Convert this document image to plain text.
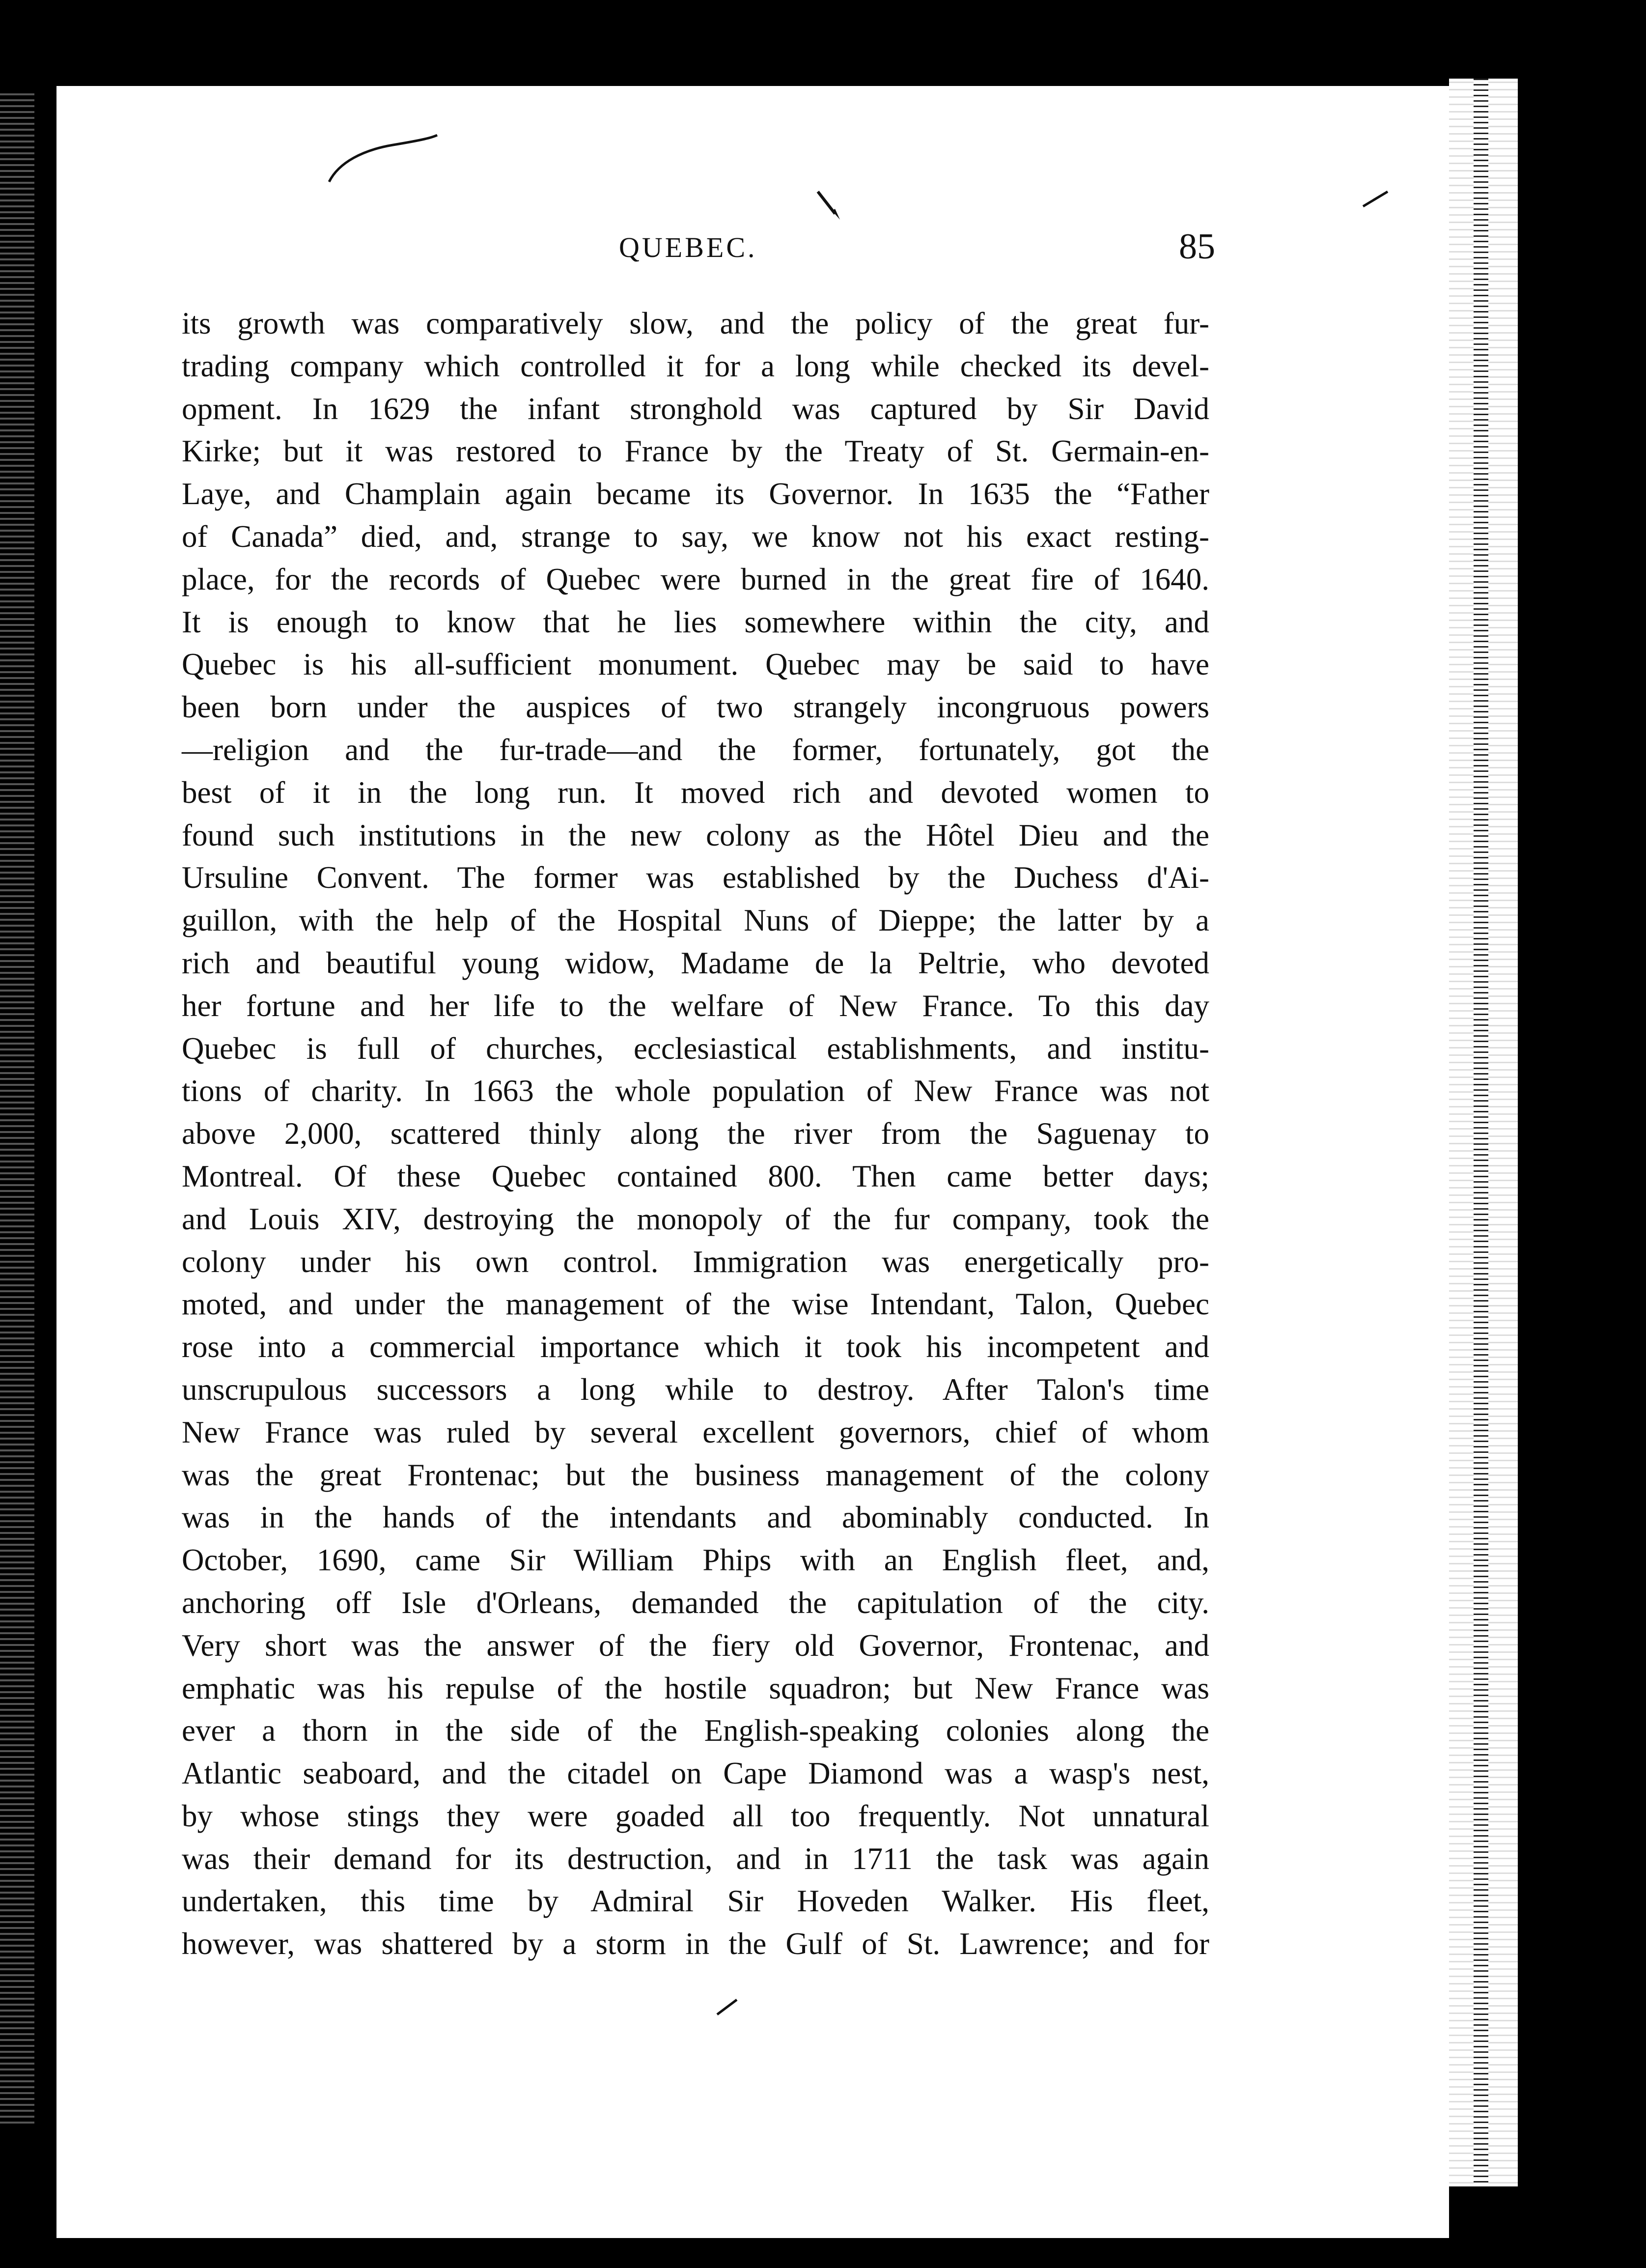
QUEBEC.	85
its growth was comparatively slow, and the policy of the great fur-
trading company which controlled it for a long while checked its devel-
opment. In 1629 the infant stronghold was captured by Sir David
Kirke; but it was restored to France by the Treaty of St. Germain-en-
Laye, and Champlain again became its Governor. In 1635 the “Father
of Canada” died, and, strange to say, we know not his exact resting-
place, for the records of Quebec were burned in the great fire of 1640.
It is enough to know that he lies somewhere within the city, and
Quebec is his all-sufficient monument. Quebec may be said to have
been born under the auspices of two strangely incongruous powers
—religion and the fur-trade—and the former, fortunately, got the
best of it in the long run. It moved rich and devoted women to
found such institutions in the new colony as the Hôtel Dieu and the
Ursuline Convent. The former was established by the Duchess d'Ai-
guillon, with the help of the Hospital Nuns of Dieppe; the latter by a
rich and beautiful young widow, Madame de la Peltrie, who devoted
her fortune and her life to the welfare of New France. To this day
Quebec is full of churches, ecclesiastical establishments, and institu-
tions of charity. In 1663 the whole population of New France was not
above 2,000, scattered thinly along the river from the Saguenay to
Montreal. Of these Quebec contained 800. Then came better days;
and Louis XIV, destroying the monopoly of the fur company, took the
colony under his own control. Immigration was energetically pro-
moted, and under the management of the wise Intendant, Talon, Quebec
rose into a commercial importance which it took his incompetent and
unscrupulous successors a long while to destroy. After Talon's time
New France was ruled by several excellent governors, chief of whom
was the great Frontenac; but the business management of the colony
was in the hands of the intendants and abominably conducted. In
October, 1690, came Sir William Phips with an English fleet, and,
anchoring off Isle d'Orleans, demanded the capitulation of the city.
Very short was the answer of the fiery old Governor, Frontenac, and
emphatic was his repulse of the hostile squadron; but New France was
ever a thorn in the side of the English-speaking colonies along the
Atlantic seaboard, and the citadel on Cape Diamond was a wasp's nest,
by whose stings they were goaded all too frequently. Not unnatural
was their demand for its destruction, and in 1711 the task was again
undertaken, this time by Admiral Sir Hoveden Walker. His fleet,
however, was shattered by a storm in the Gulf of St. Lawrence; and for
